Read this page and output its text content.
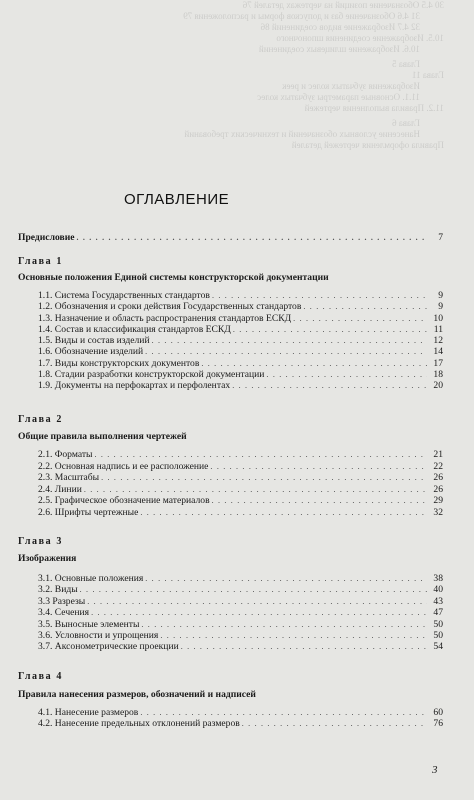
30 4.5 Обозначение позиций на чертежах деталей 76
31 4.6 Обозначение баз и допусков формы и расположения 79
32 4.7 Изображение видов соединений 86
10.5. Изображение соединения шпоночного
10.6. Изображение шлицевых соединений
Глава 5
Глава 11
Изображения зубчатых колес и реек
11.1. Основные параметры зубчатых колес
11.2. Правила выполнения чертежей
Глава 6
Нанесение условных обозначений и технических требований
Правила оформления чертежей деталей
ОГЛАВЛЕНИЕ
Предисловие . . .	7
Глава 1
Основные положения Единой системы конструкторской документации
1.1. Система Государственных стандартов . . .	9
1.2. Обозначения и сроки действия Государственных стандартов . . .	9
1.3. Назначение и область распространения стандартов ЕСКД . . .	10
1.4. Состав и классификация стандартов ЕСКД . . .	11
1.5. Виды и состав изделий . . .	12
1.6. Обозначение изделий . . .	14
1.7. Виды конструкторских документов . . .	17
1.8. Стадии разработки конструкторской документации . . .	18
1.9. Документы на перфокартах и перфолентах . . .	20
Глава 2
Общие правила выполнения чертежей
2.1. Форматы . . .	21
2.2. Основная надпись и ее расположение . . .	22
2.3. Масштабы . . .	26
2.4. Линии . . .	26
2.5. Графическое обозначение материалов . . .	29
2.6. Шрифты чертежные . . .	32
Глава 3
Изображения
3.1. Основные положения . . .	38
3.2. Виды . . .	40
3.3 Разрезы . . .	43
3.4. Сечения . . .	47
3.5. Выносные элементы . . .	50
3.6. Условности и упрощения . . .	50
3.7. Аксонометрические проекции . . .	54
Глава 4
Правила нанесения размеров, обозначений и надписей
4.1. Нанесение размеров . . .	60
4.2. Нанесение предельных отклонений размеров . . .	76
3
